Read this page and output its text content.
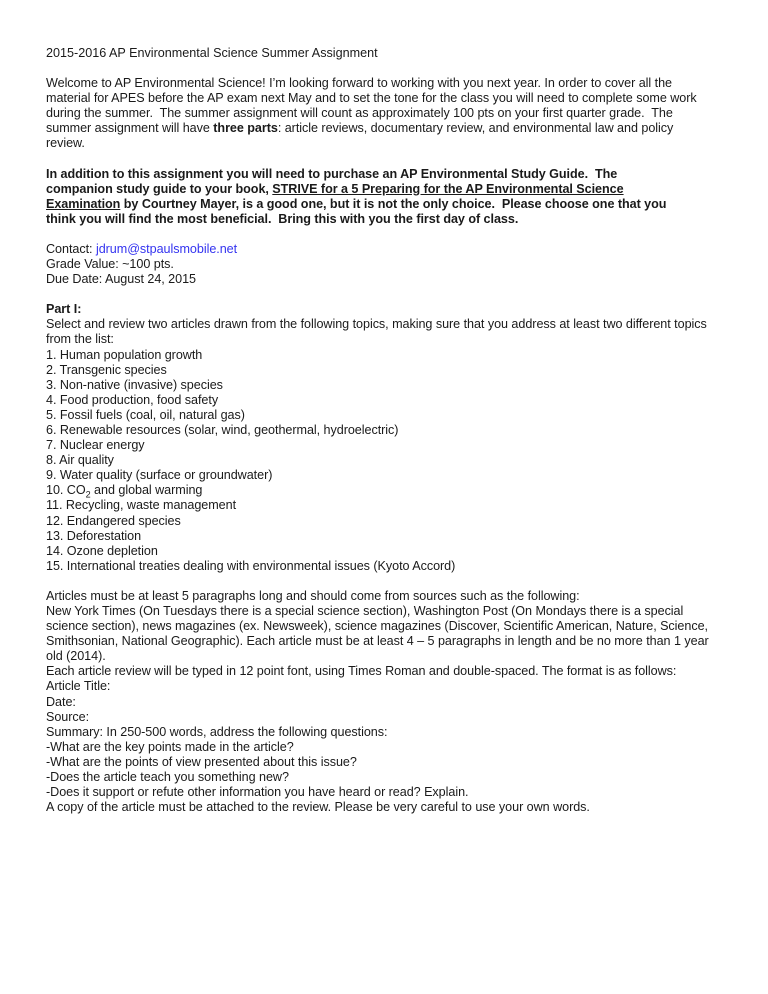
2015-2016 AP Environmental Science Summer Assignment
Welcome to AP Environmental Science! I’m looking forward to working with you next year. In order to cover all the
material for APES before the AP exam next May and to set the tone for the class you will need to complete some work
during the summer.  The summer assignment will count as approximately 100 pts on your first quarter grade.  The
summer assignment will have three parts: article reviews, documentary review, and environmental law and policy
review.
In addition to this assignment you will need to purchase an AP Environmental Study Guide.  The
companion study guide to your book, STRIVE for a 5 Preparing for the AP Environmental Science
Examination by Courtney Mayer, is a good one, but it is not the only choice.  Please choose one that you
think you will find the most beneficial.  Bring this with you the first day of class.
Contact: jdrum@stpaulsmobile.net
Grade Value: ~100 pts.
Due Date: August 24, 2015
Part I:
Select and review two articles drawn from the following topics, making sure that you address at least two different topics
from the list:
1. Human population growth
2. Transgenic species
3. Non-native (invasive) species
4. Food production, food safety
5. Fossil fuels (coal, oil, natural gas)
6. Renewable resources (solar, wind, geothermal, hydroelectric)
7. Nuclear energy
8. Air quality
9. Water quality (surface or groundwater)
10. $CO_2$ and global warming
11. Recycling, waste management
12. Endangered species
13. Deforestation
14. Ozone depletion
15. International treaties dealing with environmental issues (Kyoto Accord)
Articles must be at least 5 paragraphs long and should come from sources such as the following:
New York Times (On Tuesdays there is a special science section), Washington Post (On Mondays there is a special
science section), news magazines (ex. Newsweek), science magazines (Discover, Scientific American, Nature, Science,
Smithsonian, National Geographic). Each article must be at least 4 – 5 paragraphs in length and be no more than 1 year
old (2014).
Each article review will be typed in 12 point font, using Times Roman and double-spaced. The format is as follows:
Article Title:
Date:
Source:
Summary: In 250-500 words, address the following questions:
-What are the key points made in the article?
-What are the points of view presented about this issue?
-Does the article teach you something new?
-Does it support or refute other information you have heard or read? Explain.
A copy of the article must be attached to the review. Please be very careful to use your own words.
